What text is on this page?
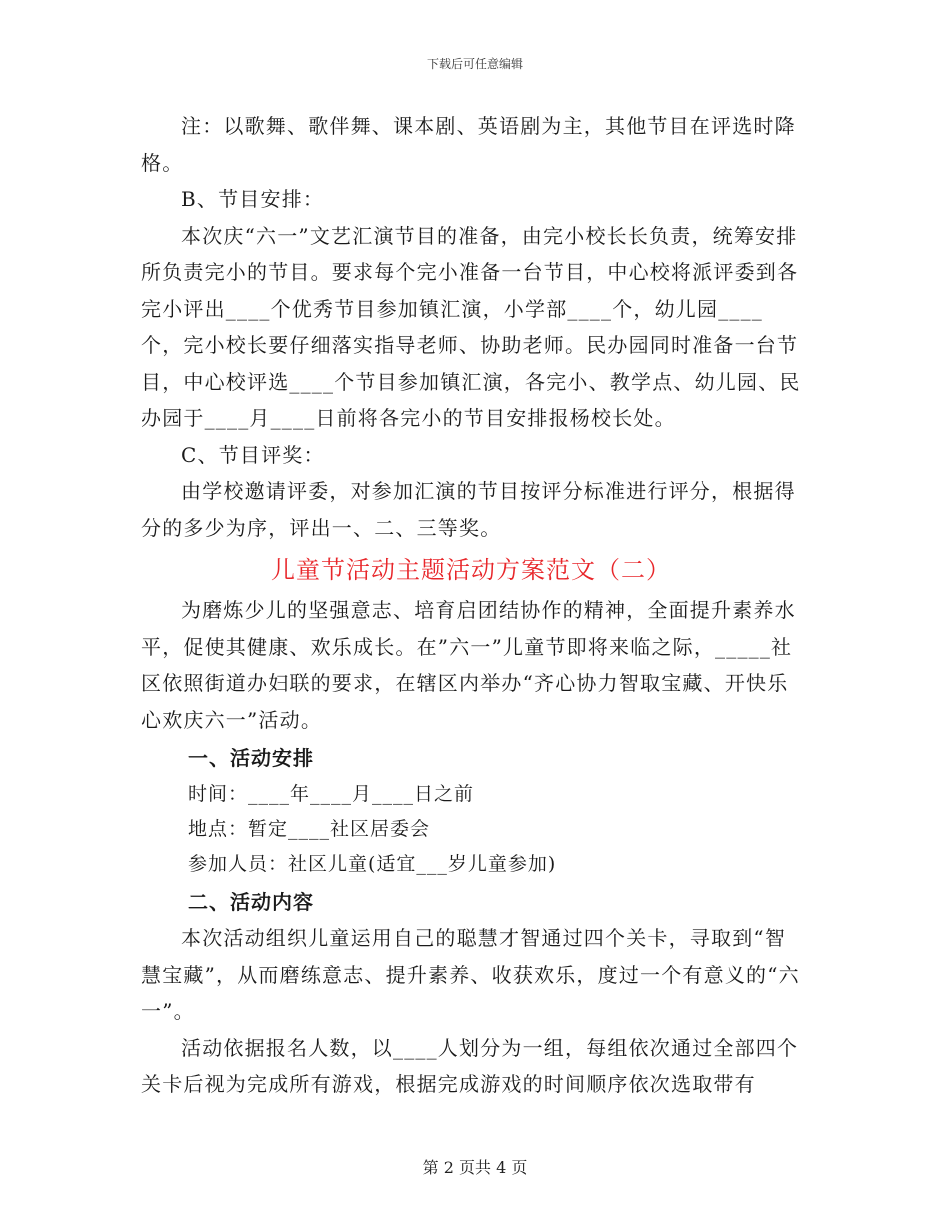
下载后可任意编辑

注：以歌舞、歌伴舞、课本剧、英语剧为主，其他节目在评选时降格。

B、节目安排：

本次庆“六一”文艺汇演节目的准备，由完小校长长负责，统筹安排所负责完小的节目。要求每个完小准备一台节目，中心校将派评委到各完小评出____个优秀节目参加镇汇演，小学部____个，幼儿园____个，完小校长要仔细落实指导老师、协助老师。民办园同时准备一台节目，中心校评选____个节目参加镇汇演，各完小、教学点、幼儿园、民办园于____月____日前将各完小的节目安排报杨校长处。

C、节目评奖：

由学校邀请评委，对参加汇演的节目按评分标准进行评分，根据得分的多少为序，评出一、二、三等奖。

儿童节活动主题活动方案范文（二）

为磨炼少儿的坚强意志、培育启团结协作的精神，全面提升素养水平，促使其健康、欢乐成长。在”六一”儿童节即将来临之际，_____社区依照街道办妇联的要求，在辖区内举办“齐心协力智取宝藏、开快乐心欢庆六一”活动。

一、活动安排

时间：____年____月____日之前

地点：暂定____社区居委会

参加人员：社区儿童(适宜___岁儿童参加)

二、活动内容

本次活动组织儿童运用自己的聪慧才智通过四个关卡，寻取到“智慧宝藏”，从而磨练意志、提升素养、收获欢乐，度过一个有意义的“六一”。

活动依据报名人数，以____人划分为一组，每组依次通过全部四个关卡后视为完成所有游戏，根据完成游戏的时间顺序依次选取带有

第 2 页共 4 页
